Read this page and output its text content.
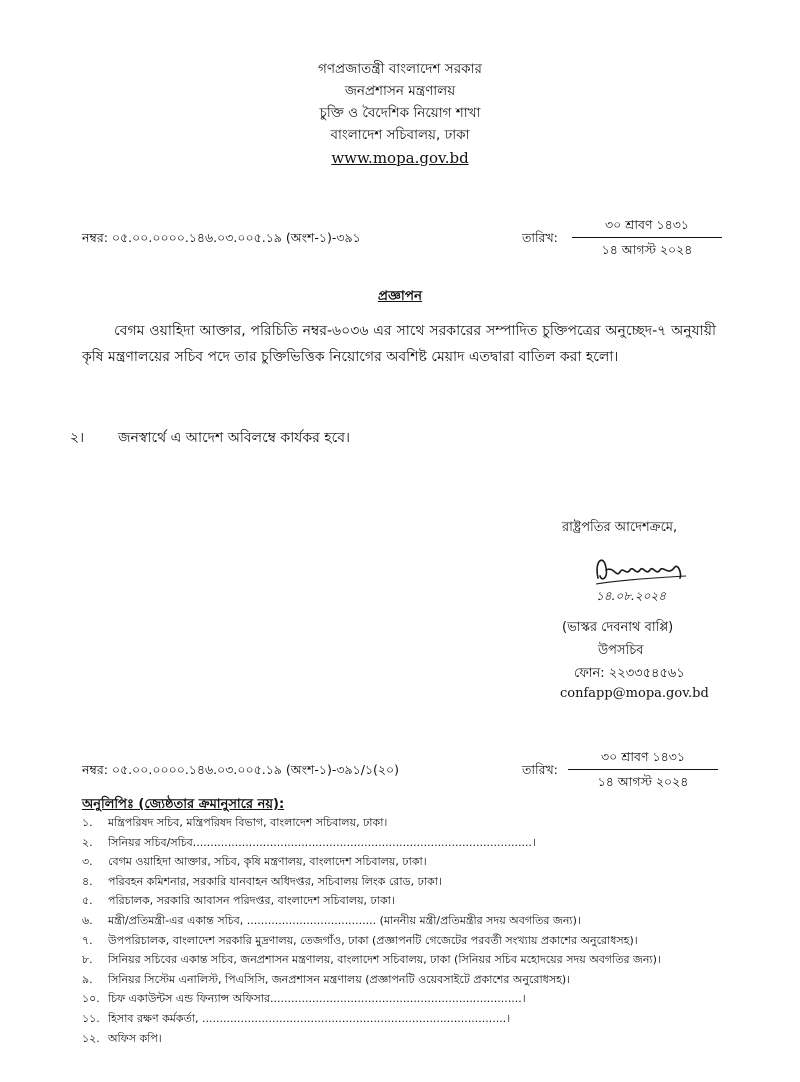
গণপ্রজাতন্ত্রী বাংলাদেশ সরকার
জনপ্রশাসন মন্ত্রণালয়
চুক্তি ও বৈদেশিক নিয়োগ শাখা
বাংলাদেশ সচিবালয়, ঢাকা
www.mopa.gov.bd
নম্বর: ০৫.০০.০০০০.১৪৬.০৩.০০৫.১৯ (অংশ-১)-৩৯১	তারিখ:
৩০ শ্রাবণ ১৪৩১
১৪ আগস্ট ২০২৪
প্রজ্ঞাপন
বেগম ওয়াহিদা আক্তার, পরিচিতি নম্বর-৬০৩৬ এর সাথে সরকারের সম্পাদিত চুক্তিপত্রের অনুচ্ছেদ-৭ অনুযায়ী কৃষি মন্ত্রণালয়ের সচিব পদে তার চুক্তিভিত্তিক নিয়োগের অবশিষ্ট মেয়াদ এতদ্বারা বাতিল করা হলো।
২। জনস্বার্থে এ আদেশ অবিলম্বে কার্যকর হবে।
রাষ্ট্রপতির আদেশক্রমে,
১৪.০৮.২০২৪
(ভাস্কর দেবনাথ বাপ্পি)
উপসচিব
ফোন: ২২৩৩৫৪৫৬১
confapp@mopa.gov.bd
নম্বর: ০৫.০০.০০০০.১৪৬.০৩.০০৫.১৯ (অংশ-১)-৩৯১/১(২০)	তারিখ:
৩০ শ্রাবণ ১৪৩১
১৪ আগস্ট ২০২৪
অনুলিপিঃ (জ্যেষ্ঠতার ক্রমানুসারে নয়):
১.	মন্ত্রিপরিষদ সচিব, মন্ত্রিপরিষদ বিভাগ, বাংলাদেশ সচিবালয়, ঢাকা।
২.	সিনিয়র সচিব/সচিব.................................................................................................।
৩.	বেগম ওয়াহিদা আক্তার, সচিব, কৃষি মন্ত্রণালয়, বাংলাদেশ সচিবালয়, ঢাকা।
৪.	পরিবহন কমিশনার, সরকারি যানবাহন অধিদপ্তর, সচিবালয় লিংক রোড, ঢাকা।
৫.	পরিচালক, সরকারি আবাসন পরিদপ্তর, বাংলাদেশ সচিবালয়, ঢাকা।
৬.	মন্ত্রী/প্রতিমন্ত্রী-এর একান্ত সচিব, ..................................... (মাননীয় মন্ত্রী/প্রতিমন্ত্রীর সদয় অবগতির জন্য)।
৭.	উপপরিচালক, বাংলাদেশ সরকারি মুদ্রণালয়, তেজগাঁও, ঢাকা (প্রজ্ঞাপনটি গেজেটের পরবর্তী সংখ্যায় প্রকাশের অনুরোধসহ)।
৮.	সিনিয়র সচিবের একান্ত সচিব, জনপ্রশাসন মন্ত্রণালয়, বাংলাদেশ সচিবালয়, ঢাকা (সিনিয়র সচিব মহোদয়ের সদয় অবগতির জন্য)।
৯.	সিনিয়র সিস্টেম এনালিস্ট, পিএসিসি, জনপ্রশাসন মন্ত্রণালয় (প্রজ্ঞাপনটি ওয়েবসাইটে প্রকাশের অনুরোধসহ)।
১০. চিফ একাউন্টস এন্ড ফিন্যান্স অফিসার........................................................................।
১১. হিসাব রক্ষণ কর্মকর্তা, .......................................................................................।
১২. অফিস কপি।
